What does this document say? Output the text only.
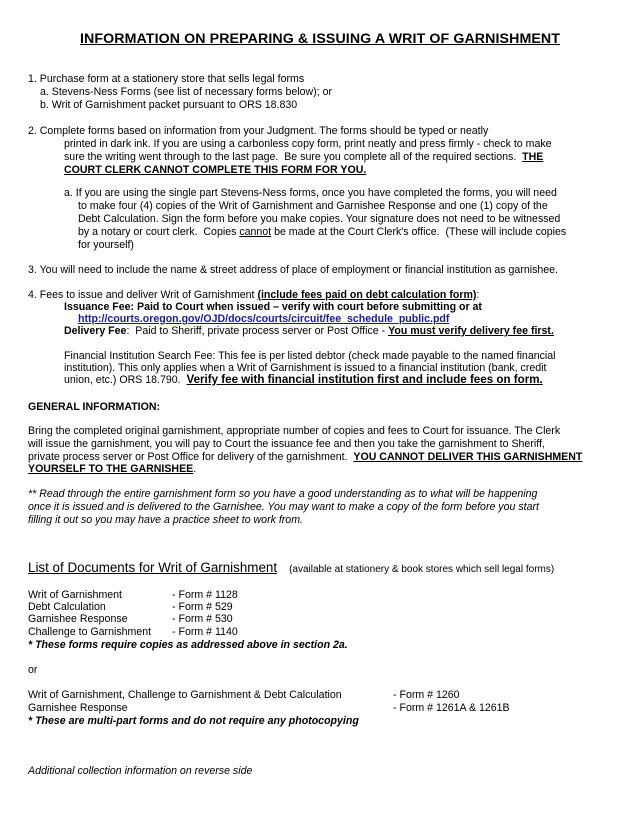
INFORMATION ON PREPARING & ISSUING A WRIT OF GARNISHMENT
1. Purchase form at a stationery store that sells legal forms
a. Stevens-Ness Forms (see list of necessary forms below); or
b. Writ of Garnishment packet pursuant to ORS 18.830
2. Complete forms based on information from your Judgment. The forms should be typed or neatly
printed in dark ink. If you are using a carbonless copy form, print neatly and press firmly - check to make
sure the writing went through to the last page.  Be sure you complete all of the required sections.  THE
COURT CLERK CANNOT COMPLETE THIS FORM FOR YOU.
a. If you are using the single part Stevens-Ness forms, once you have completed the forms, you will need
to make four (4) copies of the Writ of Garnishment and Garnishee Response and one (1) copy of the
Debt Calculation. Sign the form before you make copies. Your signature does not need to be witnessed
by a notary or court clerk.  Copies cannot be made at the Court Clerk's office.  (These will include copies
for yourself)
3. You will need to include the name & street address of place of employment or financial institution as garnishee.
4. Fees to issue and deliver Writ of Garnishment (include fees paid on debt calculation form):
Issuance Fee: Paid to Court when issued – verify with court before submitting or at
http://courts.oregon.gov/OJD/docs/courts/circuit/fee_schedule_public.pdf
Delivery Fee:  Paid to Sheriff, private process server or Post Office - You must verify delivery fee first.
Financial Institution Search Fee: This fee is per listed debtor (check made payable to the named financial
institution). This only applies when a Writ of Garnishment is issued to a financial institution (bank, credit
union, etc.) ORS 18.790.  Verify fee with financial institution first and include fees on form.
GENERAL INFORMATION:
Bring the completed original garnishment, appropriate number of copies and fees to Court for issuance. The Clerk
will issue the garnishment, you will pay to Court the issuance fee and then you take the garnishment to Sheriff,
private process server or Post Office for delivery of the garnishment.  YOU CANNOT DELIVER THIS GARNISHMENT
YOURSELF TO THE GARNISHEE.
** Read through the entire garnishment form so you have a good understanding as to what will be happening
once it is issued and is delivered to the Garnishee. You may want to make a copy of the form before you start
filling it out so you may have a practice sheet to work from.
List of Documents for Writ of Garnishment (available at stationery & book stores which sell legal forms)
Writ of Garnishment	- Form # 1128
Debt Calculation	- Form # 529
Garnishee Response	- Form # 530
Challenge to Garnishment - Form # 1140
* These forms require copies as addressed above in section 2a.
or
Writ of Garnishment, Challenge to Garnishment & Debt Calculation	- Form # 1260
Garnishee Response	- Form # 1261A & 1261B
* These are multi-part forms and do not require any photocopying
Additional collection information on reverse side
